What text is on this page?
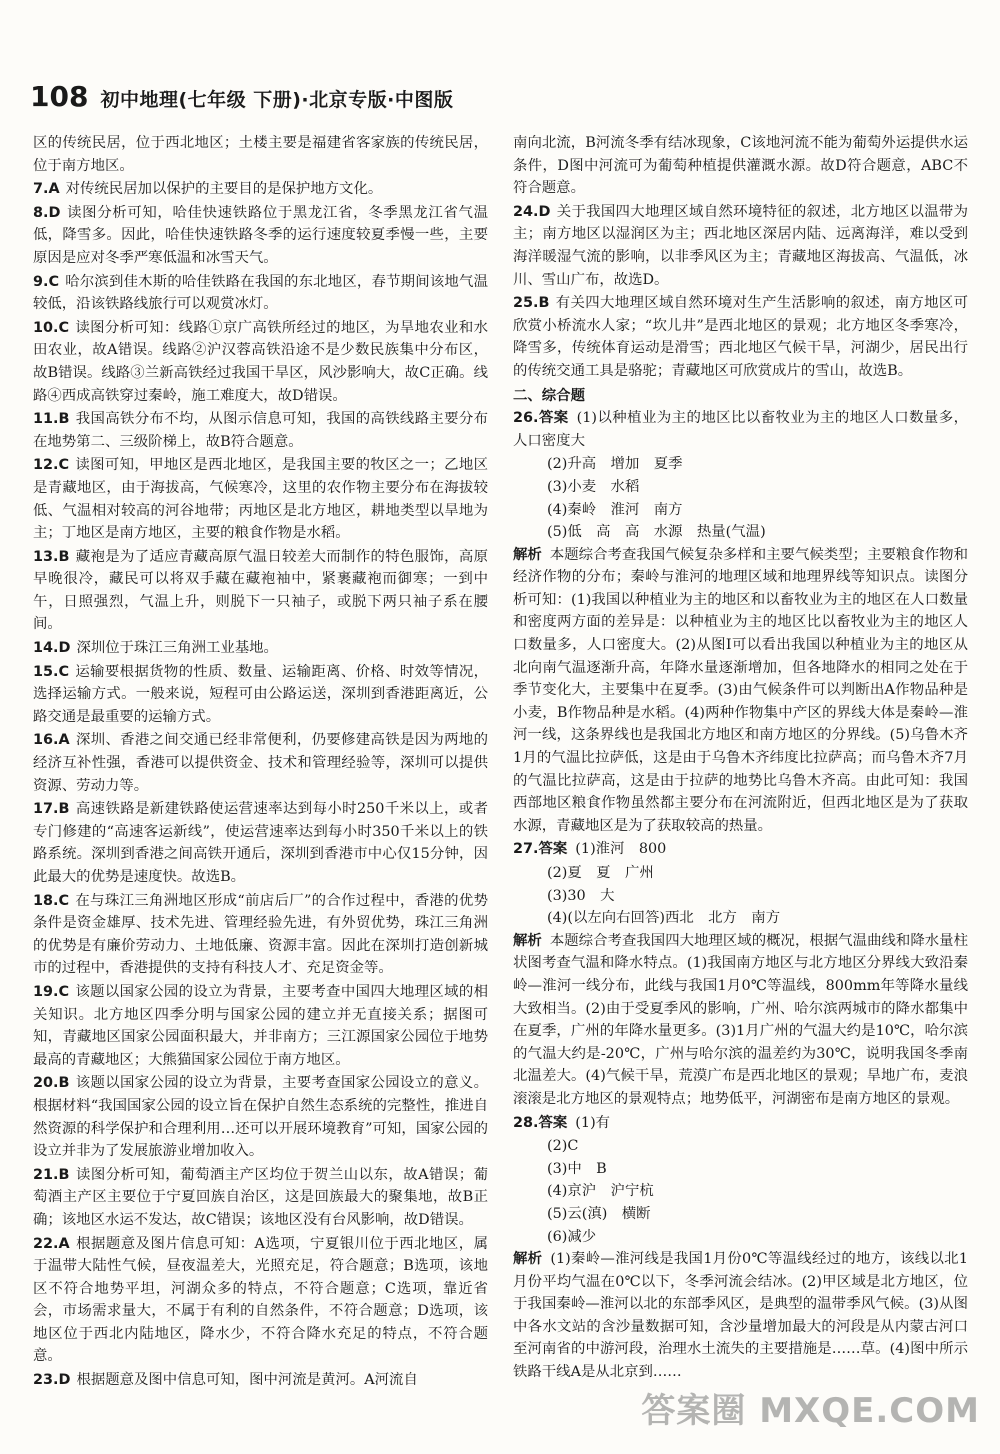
108 初中地理(七年级 下册)·北京专版·中图版

区的传统民居，位于西北地区；土楼主要是福建省客家族的传统民居，位于南方地区。

7.A 对传统民居加以保护的主要目的是保护地方文化。

8.D 读图分析可知，哈佳快速铁路位于黑龙江省，冬季黑龙江省气温低，降雪多。因此，哈佳快速铁路冬季的运行速度较夏季慢一些，主要原因是应对冬季严寒低温和冰雪天气。

9.C 哈尔滨到佳木斯的哈佳铁路在我国的东北地区，春节期间该地气温较低，沿该铁路线旅行可以观赏冰灯。

10.C 读图分析可知：线路①京广高铁所经过的地区，为旱地农业和水田农业，故A错误。线路②沪汉蓉高铁沿途不是少数民族集中分布区，故B错误。线路③兰新高铁经过我国干旱区，风沙影响大，故C正确。线路④西成高铁穿过秦岭，施工难度大，故D错误。

11.B 我国高铁分布不均，从图示信息可知，我国的高铁线路主要分布在地势第二、三级阶梯上，故B符合题意。

12.C 读图可知，甲地区是西北地区，是我国主要的牧区之一；乙地区是青藏地区，由于海拔高，气候寒冷，这里的农作物主要分布在海拔较低、气温相对较高的河谷地带；丙地区是北方地区，耕地类型以旱地为主；丁地区是南方地区，主要的粮食作物是水稻。

13.B 藏袍是为了适应青藏高原气温日较差大而制作的特色服饰，高原早晚很冷，藏民可以将双手藏在藏袍袖中，紧裹藏袍而御寒；一到中午，日照强烈，气温上升，则脱下一只袖子，或脱下两只袖子系在腰间。

14.D 深圳位于珠江三角洲工业基地。

15.C 运输要根据货物的性质、数量、运输距离、价格、时效等情况，选择运输方式。一般来说，短程可由公路运送，深圳到香港距离近，公路交通是最重要的运输方式。

16.A 深圳、香港之间交通已经非常便利，仍要修建高铁是因为两地的经济互补性强，香港可以提供资金、技术和管理经验等，深圳可以提供资源、劳动力等。

17.B 高速铁路是新建铁路使运营速率达到每小时250千米以上，或者专门修建的“高速客运新线”，使运营速率达到每小时350千米以上的铁路系统。深圳到香港之间高铁开通后，深圳到香港市中心仅15分钟，因此最大的优势是速度快。故选B。

18.C 在与珠江三角洲地区形成“前店后厂”的合作过程中，香港的优势条件是资金雄厚、技术先进、管理经验先进，有外贸优势，珠江三角洲的优势是有廉价劳动力、土地低廉、资源丰富。因此在深圳打造创新城市的过程中，香港提供的支持有科技人才、充足资金等。

19.C 该题以国家公园的设立为背景，主要考查中国四大地理区域的相关知识。北方地区四季分明与国家公园的建立并无直接关系；据图可知，青藏地区国家公园面积最大，并非南方；三江源国家公园位于地势最高的青藏地区；大熊猫国家公园位于南方地区。

20.B 该题以国家公园的设立为背景，主要考查国家公园设立的意义。根据材料“我国国家公园的设立旨在保护自然生态系统的完整性，推进自然资源的科学保护和合理利用…还可以开展环境教育”可知，国家公园的设立并非为了发展旅游业增加收入。

21.B 读图分析可知，葡萄酒主产区均位于贺兰山以东，故A错误；葡萄酒主产区主要位于宁夏回族自治区，这是回族最大的聚集地，故B正确；该地区水运不发达，故C错误；该地区没有台风影响，故D错误。

22.A 根据题意及图片信息可知：A选项，宁夏银川位于西北地区，属于温带大陆性气候，昼夜温差大，光照充足，符合题意；B选项，该地区不符合地势平坦，河湖众多的特点，不符合题意；C选项，靠近省会，市场需求量大，不属于有利的自然条件，不符合题意；D选项，该地区位于西北内陆地区，降水少，不符合降水充足的特点，不符合题意。

23.D 根据题意及图中信息可知，图中河流是黄河。A河流自

南向北流，B河流冬季有结冰现象，C该地河流不能为葡萄外运提供水运条件，D图中河流可为葡萄种植提供灌溉水源。故D符合题意，ABC不符合题意。

24.D 关于我国四大地理区域自然环境特征的叙述，北方地区以温带为主；南方地区以湿润区为主；西北地区深居内陆、远离海洋，难以受到海洋暖湿气流的影响，以非季风区为主；青藏地区海拔高、气温低，冰川、雪山广布，故选D。

25.B 有关四大地理区域自然环境对生产生活影响的叙述，南方地区可欣赏小桥流水人家；“坎儿井”是西北地区的景观；北方地区冬季寒冷，降雪多，传统体育运动是滑雪；西北地区气候干旱，河湖少，居民出行的传统交通工具是骆驼；青藏地区可欣赏成片的雪山，故选B。

二、综合题
26.答案 (1)以种植业为主的地区比以畜牧业为主的地区人口数量多，人口密度大
(2)升高　增加　夏季
(3)小麦　水稻
(4)秦岭　淮河　南方
(5)低　高　高　水源　热量(气温)

解析 本题综合考查我国气候复杂多样和主要气候类型；主要粮食作物和经济作物的分布；秦岭与淮河的地理区域和地理界线等知识点。读图分析可知：(1)我国以种植业为主的地区和以畜牧业为主的地区在人口数量和密度两方面的差异是：以种植业为主的地区比以畜牧业为主的地区人口数量多，人口密度大。(2)从图Ⅰ可以看出我国以种植业为主的地区从北向南气温逐渐升高，年降水量逐渐增加，但各地降水的相同之处在于季节变化大，主要集中在夏季。(3)由气候条件可以判断出A作物品种是小麦，B作物品种是水稻。(4)两种作物集中产区的界线大体是秦岭—淮河一线，这条界线也是我国北方地区和南方地区的分界线。(5)乌鲁木齐1月的气温比拉萨低，这是由于乌鲁木齐纬度比拉萨高；而乌鲁木齐7月的气温比拉萨高，这是由于拉萨的地势比乌鲁木齐高。由此可知：我国西部地区粮食作物虽然都主要分布在河流附近，但西北地区是为了获取水源，青藏地区是为了获取较高的热量。

27.答案 (1)淮河　800
(2)夏　夏　广州
(3)30　大
(4)(以左向右回答)西北　北方　南方

解析 本题综合考查我国四大地理区域的概况，根据气温曲线和降水量柱状图考查气温和降水特点。(1)我国南方地区与北方地区分界线大致沿秦岭—淮河一线分布，此线与我国1月0℃等温线，800mm年等降水量线大致相当。(2)由于受夏季风的影响，广州、哈尔滨两城市的降水都集中在夏季，广州的年降水量更多。(3)1月广州的气温大约是10℃，哈尔滨的气温大约是-20℃，广州与哈尔滨的温差约为30℃，说明我国冬季南北温差大。(4)气候干旱，荒漠广布是西北地区的景观；旱地广布，麦浪滚滚是北方地区的景观特点；地势低平，河湖密布是南方地区的景观。

28.答案 (1)有
(2)C
(3)中　B
(4)京沪　沪宁杭
(5)云(滇)　横断
(6)减少

解析 (1)秦岭—淮河线是我国1月份0℃等温线经过的地方，该线以北1月份平均气温在0℃以下，冬季河流会结冰。(2)甲区域是北方地区，位于我国秦岭—淮河以北的东部季风区，是典型的温带季风气候。(3)从图中各水文站的含沙量数据可知，含沙量增加最大的河段是从内蒙古河口至河南省的中游河段，治理水土流失的主要措施是……草。(4)图中所示铁路干线A是从北京到……

答案圈 MXQE.COM
